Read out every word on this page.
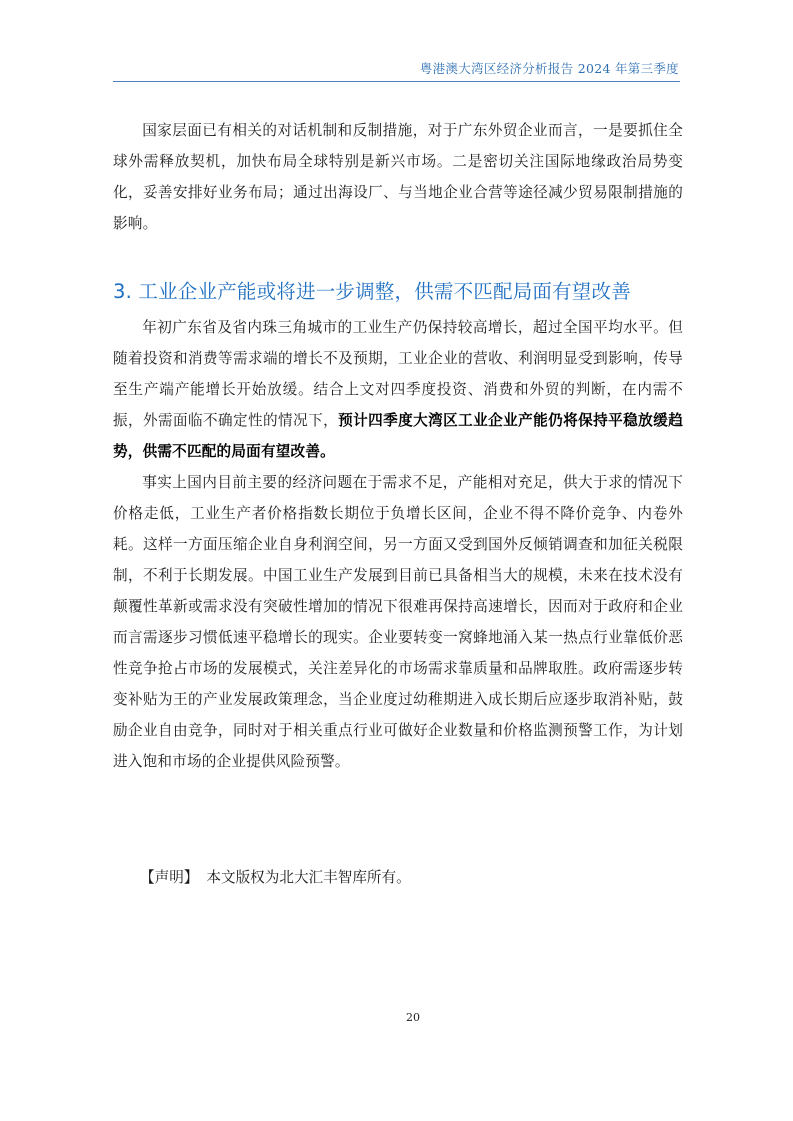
粤港澳大湾区经济分析报告 2024 年第三季度

国家层面已有相关的对话机制和反制措施，对于广东外贸企业而言，一是要抓住全球外需释放契机，加快布局全球特别是新兴市场。二是密切关注国际地缘政治局势变化，妥善安排好业务布局；通过出海设厂、与当地企业合营等途径减少贸易限制措施的影响。

3. 工业企业产能或将进一步调整，供需不匹配局面有望改善

年初广东省及省内珠三角城市的工业生产仍保持较高增长，超过全国平均水平。但随着投资和消费等需求端的增长不及预期，工业企业的营收、利润明显受到影响，传导至生产端产能增长开始放缓。结合上文对四季度投资、消费和外贸的判断，在内需不振，外需面临不确定性的情况下，预计四季度大湾区工业企业产能仍将保持平稳放缓趋势，供需不匹配的局面有望改善。

事实上国内目前主要的经济问题在于需求不足，产能相对充足，供大于求的情况下价格走低，工业生产者价格指数长期位于负增长区间，企业不得不降价竞争、内卷外耗。这样一方面压缩企业自身利润空间，另一方面又受到国外反倾销调查和加征关税限制，不利于长期发展。中国工业生产发展到目前已具备相当大的规模，未来在技术没有颠覆性革新或需求没有突破性增加的情况下很难再保持高速增长，因而对于政府和企业而言需逐步习惯低速平稳增长的现实。企业要转变一窝蜂地涌入某一热点行业靠低价恶性竞争抢占市场的发展模式，关注差异化的市场需求靠质量和品牌取胜。政府需逐步转变补贴为王的产业发展政策理念，当企业度过幼稚期进入成长期后应逐步取消补贴，鼓励企业自由竞争，同时对于相关重点行业可做好企业数量和价格监测预警工作，为计划进入饱和市场的企业提供风险预警。

【声明】 本文版权为北大汇丰智库所有。
20
